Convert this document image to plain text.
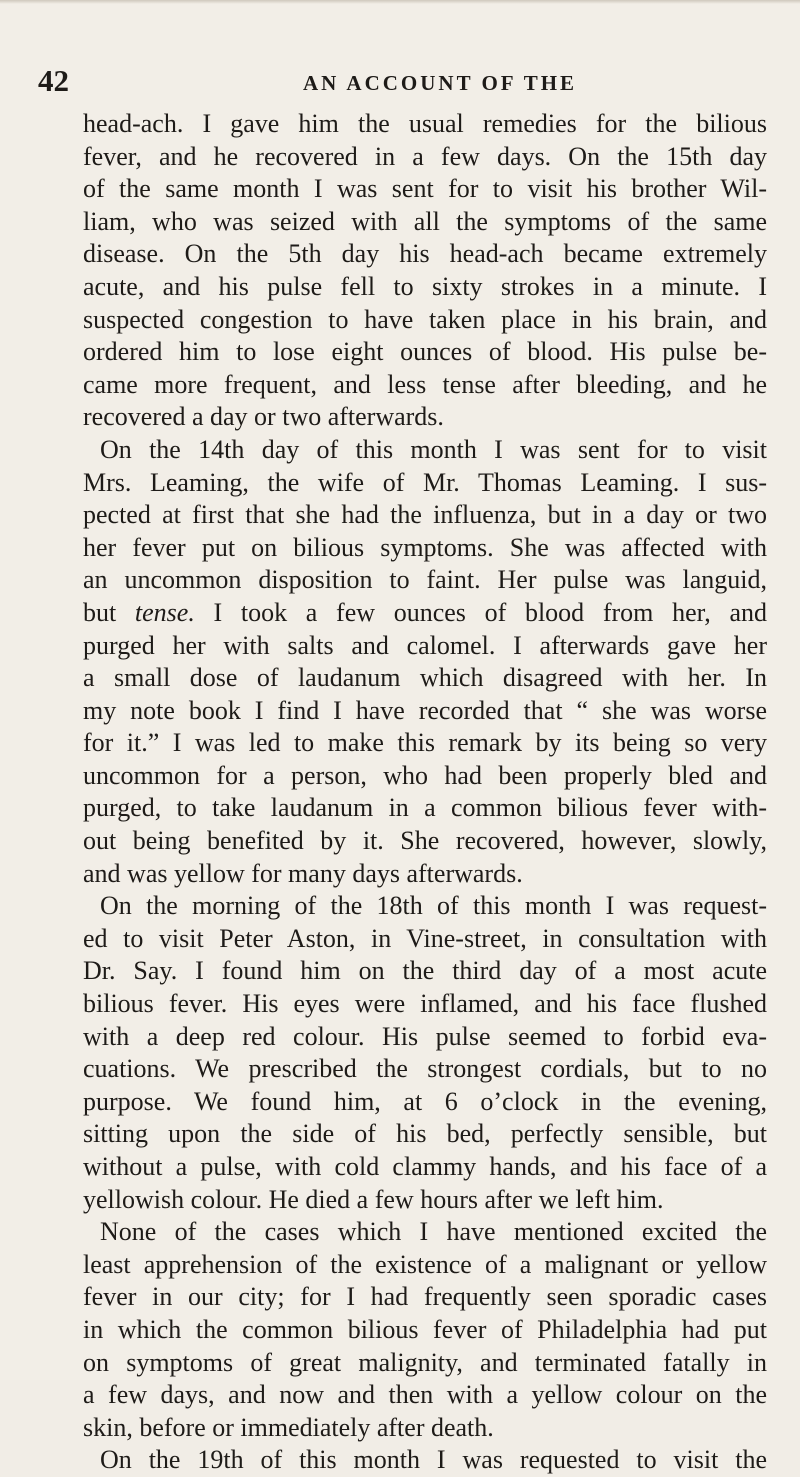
42	AN ACCOUNT OF THE
head-ach. I gave him the usual remedies for the bilious
fever, and he recovered in a few days. On the 15th day
of the same month I was sent for to visit his brother Wil-
liam, who was seized with all the symptoms of the same
disease. On the 5th day his head-ach became extremely
acute, and his pulse fell to sixty strokes in a minute. I
suspected congestion to have taken place in his brain, and
ordered him to lose eight ounces of blood. His pulse be-
came more frequent, and less tense after bleeding, and he
recovered a day or two afterwards.
On the 14th day of this month I was sent for to visit
Mrs. Leaming, the wife of Mr. Thomas Leaming. I sus-
pected at first that she had the influenza, but in a day or two
her fever put on bilious symptoms. She was affected with
an uncommon disposition to faint. Her pulse was languid,
but tense. I took a few ounces of blood from her, and
purged her with salts and calomel. I afterwards gave her
a small dose of laudanum which disagreed with her. In
my note book I find I have recorded that “ she was worse
for it.” I was led to make this remark by its being so very
uncommon for a person, who had been properly bled and
purged, to take laudanum in a common bilious fever with-
out being benefited by it. She recovered, however, slowly,
and was yellow for many days afterwards.
On the morning of the 18th of this month I was request-
ed to visit Peter Aston, in Vine-street, in consultation with
Dr. Say. I found him on the third day of a most acute
bilious fever. His eyes were inflamed, and his face flushed
with a deep red colour. His pulse seemed to forbid eva-
cuations. We prescribed the strongest cordials, but to no
purpose. We found him, at 6 o’clock in the evening,
sitting upon the side of his bed, perfectly sensible, but
without a pulse, with cold clammy hands, and his face of a
yellowish colour. He died a few hours after we left him.
None of the cases which I have mentioned excited the
least apprehension of the existence of a malignant or yellow
fever in our city; for I had frequently seen sporadic cases
in which the common bilious fever of Philadelphia had put
on symptoms of great malignity, and terminated fatally in
a few days, and now and then with a yellow colour on the
skin, before or immediately after death.
On the 19th of this month I was requested to visit the
